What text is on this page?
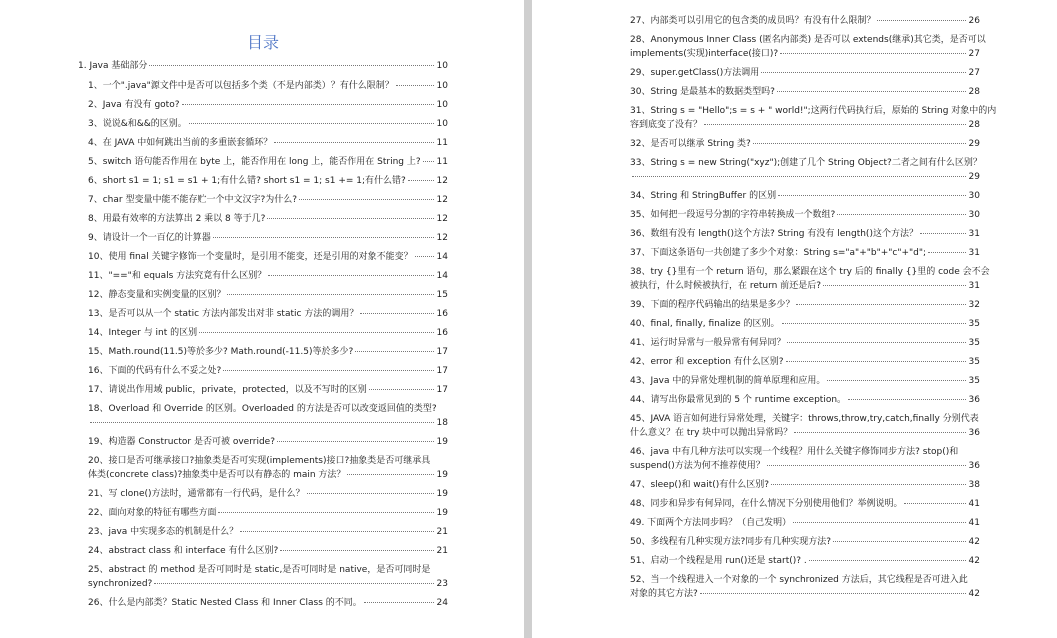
目录
1. Java 基础部分	10
1、一个".java"源文件中是否可以包括多个类（不是内部类）？有什么限制？	10
2、Java 有没有 goto?	10
3、说说&和&&的区别。	10
4、在 JAVA 中如何跳出当前的多重嵌套循环？	11
5、switch 语句能否作用在 byte 上，能否作用在 long 上，能否作用在 String 上? 11
6、short s1 = 1; s1 = s1 + 1;有什么错? short s1 = 1; s1 += 1;有什么错?	12
7、char 型变量中能不能存贮一个中文汉字?为什么?	12
8、用最有效率的方法算出 2 乘以 8 等于几?	12
9、请设计一个一百亿的计算器	12
10、使用 final 关键字修饰一个变量时，是引用不能变，还是引用的对象不能变？	14
11、"=="和 equals 方法究竟有什么区别？	14
12、静态变量和实例变量的区别？	15
13、是否可以从一个 static 方法内部发出对非 static 方法的调用？	16
14、Integer 与 int 的区别	16
15、Math.round(11.5)等於多少? Math.round(-11.5)等於多少?	17
16、下面的代码有什么不妥之处?	17
17、请说出作用域 public，private，protected，以及不写时的区别	17
18、Overload 和 Override 的区别。Overloaded 的方法是否可以改变返回值的类型?
18
19、构造器 Constructor 是否可被 override?	19
20、接口是否可继承接口?抽象类是否可实现(implements)接口?抽象类是否可继承具
体类(concrete class)?抽象类中是否可以有静态的 main 方法？	19
21、写 clone()方法时，通常都有一行代码，是什么？	19
22、面向对象的特征有哪些方面	19
23、java 中实现多态的机制是什么？	21
24、abstract class 和 interface 有什么区别?	21
25、abstract 的 method 是否可同时是 static,是否可同时是 native，是否可同时是
synchronized?	23
26、什么是内部类？Static Nested Class 和 Inner Class 的不同。	24
27、内部类可以引用它的包含类的成员吗？有没有什么限制？	26
28、Anonymous Inner Class (匿名内部类) 是否可以 extends(继承)其它类，是否可以
implements(实现)interface(接口)?	27
29、super.getClass()方法调用	27
30、String 是最基本的数据类型吗?	28
31、String s = "Hello";s = s + " world!";这两行代码执行后，原始的 String 对象中的内
容到底变了没有？	28
32、是否可以继承 String 类?	29
33、String s = new String("xyz");创建了几个 String Object?二者之间有什么区别？
29
34、String 和 StringBuffer 的区别	30
35、如何把一段逗号分割的字符串转换成一个数组?	30
36、数组有没有 length()这个方法? String 有没有 length()这个方法？	31
37、下面这条语句一共创建了多少个对象：String s="a"+"b"+"c"+"d";	31
38、try {}里有一个 return 语句，那么紧跟在这个 try 后的 finally {}里的 code 会不会
被执行，什么时候被执行，在 return 前还是后?	31
39、下面的程序代码输出的结果是多少？	32
40、final, finally, finalize 的区别。	35
41、运行时异常与一般异常有何异同？	35
42、error 和 exception 有什么区别?	35
43、Java 中的异常处理机制的简单原理和应用。	35
44、请写出你最常见到的 5 个 runtime exception。	36
45、JAVA 语言如何进行异常处理，关键字：throws,throw,try,catch,finally 分别代表
什么意义？在 try 块中可以抛出异常吗？	36
46、java 中有几种方法可以实现一个线程？用什么关键字修饰同步方法? stop()和
suspend()方法为何不推荐使用？	36
47、sleep()和 wait()有什么区别?	38
48、同步和异步有何异同，在什么情况下分别使用他们？举例说明。	41
49. 下面两个方法同步吗？（自己发明）	41
50、多线程有几种实现方法?同步有几种实现方法?	42
51、启动一个线程是用 run()还是 start()? .	42
52、当一个线程进入一个对象的一个 synchronized 方法后，其它线程是否可进入此
对象的其它方法?	42
